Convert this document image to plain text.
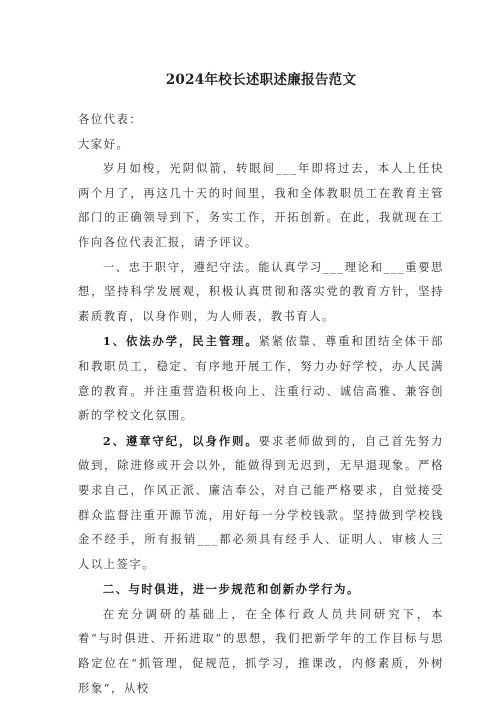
2024年校长述职述廉报告范文

各位代表：

大家好。

岁月如梭，光阴似箭，转眼间___年即将过去，本人上任快两个月了，再这几十天的时间里，我和全体教职员工在教育主管部门的正确领导到下，务实工作，开拓创新。在此，我就现在工作向各位代表汇报，请予评议。

一、忠于职守，遵纪守法。能认真学习___理论和___重要思想，坚持科学发展观，积极认真贯彻和落实党的教育方针，坚持素质教育，以身作则，为人师表，教书育人。

1、依法办学，民主管理。紧紧依靠、尊重和团结全体干部和教职员工，稳定、有序地开展工作，努力办好学校，办人民满意的教育。并注重营造积极向上、注重行动、诚信高雅、兼容创新的学校文化氛围。

2、遵章守纪，以身作则。要求老师做到的，自己首先努力做到，除进修或开会以外，能做得到无迟到，无早退现象。严格要求自己，作风正派、廉洁奉公，对自己能严格要求，自觉接受群众监督注重开源节流，用好每一分学校钱款。坚持做到学校钱金不经手，所有报销___都必须具有经手人、证明人、审核人三人以上签字。

二、与时俱进，进一步规范和创新办学行为。

在充分调研的基础上，在全体行政人员共同研究下，本着“与时俱进、开拓进取”的思想，我们把新学年的工作目标与思路定位在“抓管理，促规范，抓学习，推课改，内修素质，外树形象”，从校
